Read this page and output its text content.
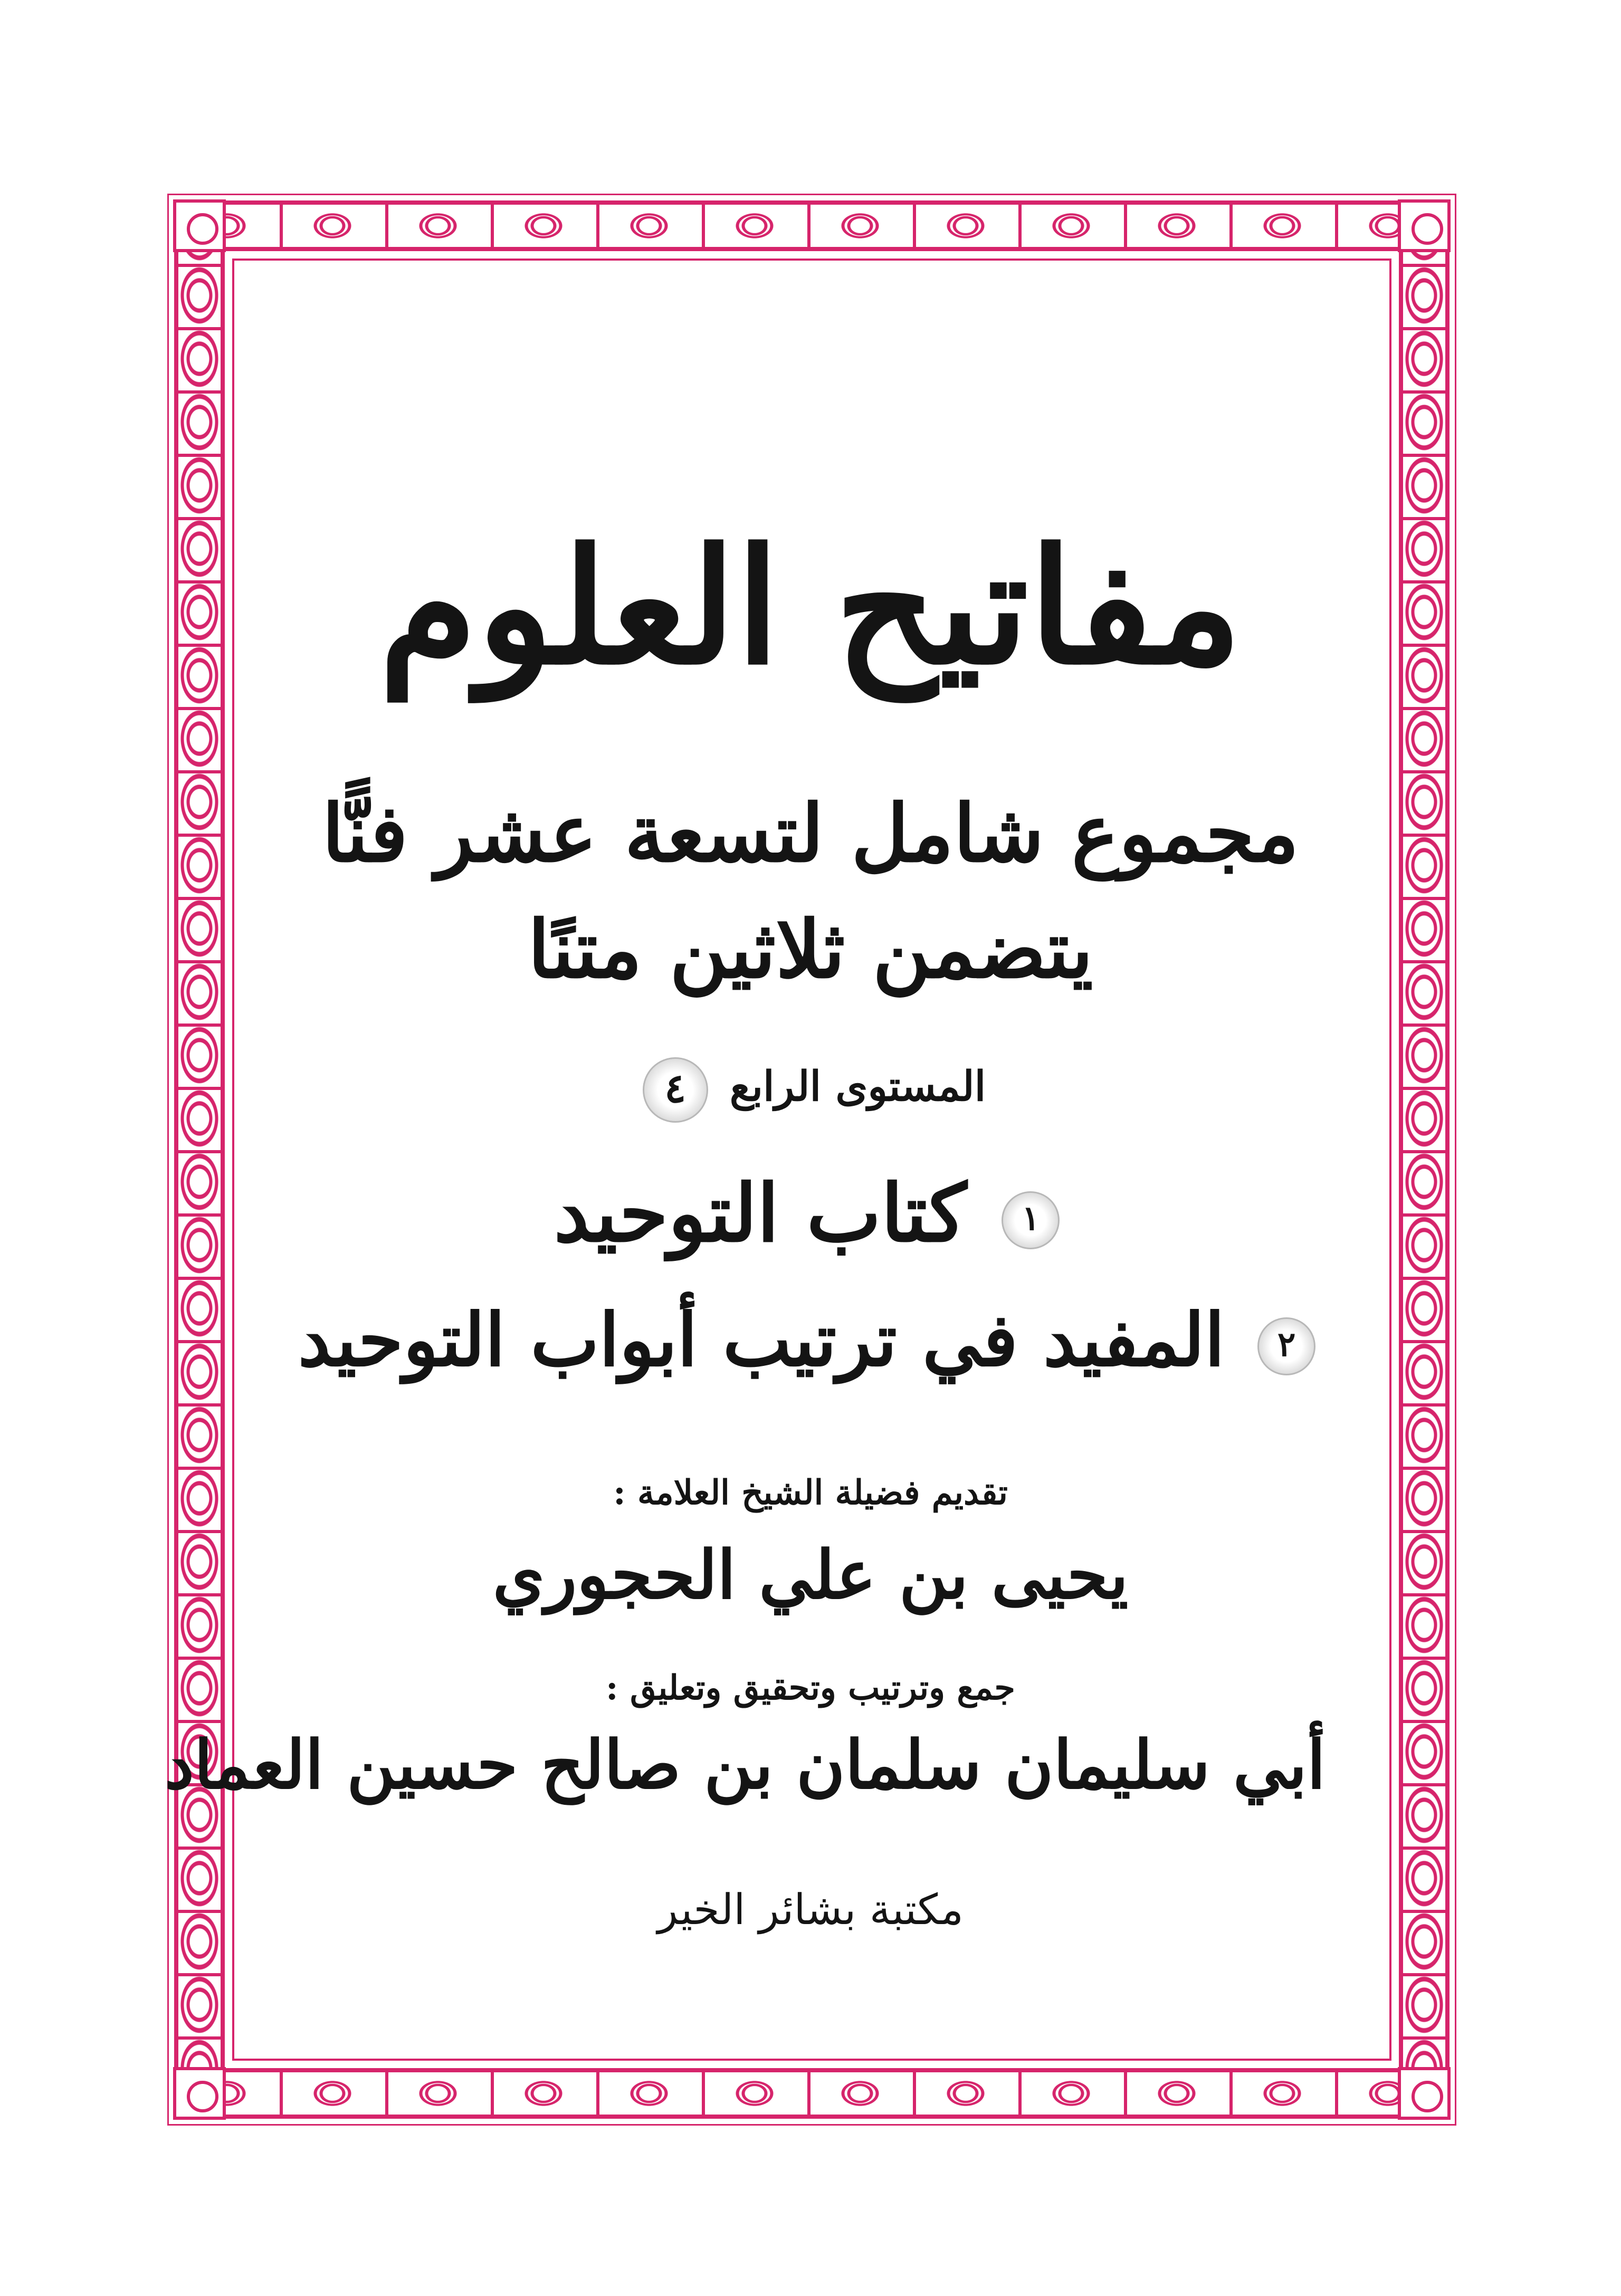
مفاتيح العلوم
مجموع شامل لتسعة عشر فنًّا
يتضمن ثلاثين متنًا
المستوى الرابع ٤
١ كتاب التوحيد
٢ المفيد في ترتيب أبواب التوحيد
تقديم فضيلة الشيخ العلامة :
يحيى بن علي الحجوري
جمع وترتيب وتحقيق وتعليق :
أبي سليمان سلمان بن صالح حسين العماد
مكتبة بشائر الخير
